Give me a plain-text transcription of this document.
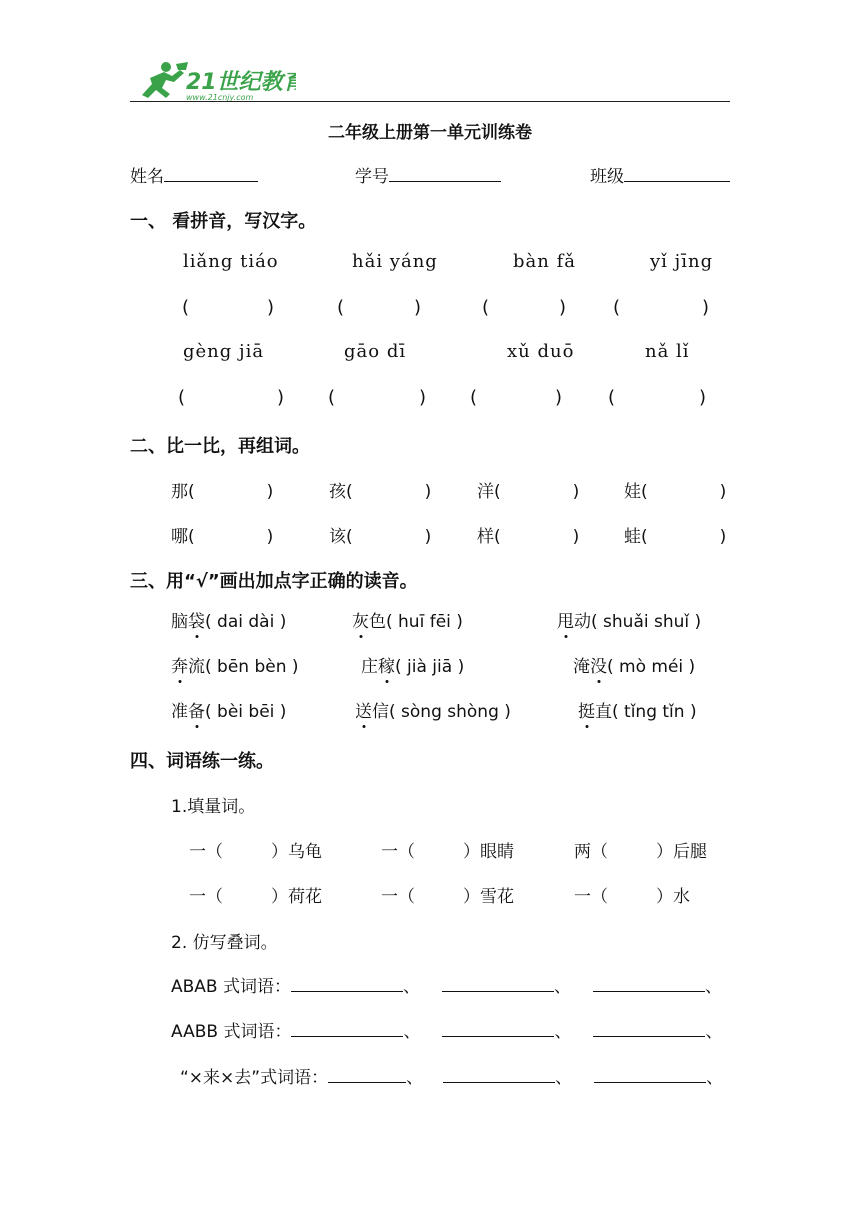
21世纪教育
www.21cnjy.com
二年级上册第一单元训练卷
姓名	学号	班级
一、 看拼音，写汉字。
liǎng tiáo	hǎi yáng	bàn fǎ	yǐ jīng
(	)	(	)	(	)	(	)
gèng jiā	gāo dī	xǔ duō	nǎ lǐ
(	) (	) (	)	(	)
二、比一比，再组词。
那(	)	孩(	)	洋(	)	娃(	)
哪(	)	该(	)	样(	)	蛙(	)
三、用“√”画出加点字正确的读音。
脑袋( dai dài )	灰色( huī fēi )	甩动( shuǎi shuǐ )
奔流( bēn bèn )	庄稼( jià jiā )	淹没( mò méi )
准备( bèi bēi )	送信( sòng shòng )	挺直( tǐng tǐn )
四、词语练一练。
1.填量词。
一（	）乌龟	一（	）眼睛	两（	）后腿
一（	）荷花	一（	）雪花	一（	）水
2. 仿写叠词。
ABAB 式词语：	、	、	、
AABB 式词语：	、	、	、
“×来×去”式词语：	、	、	、
